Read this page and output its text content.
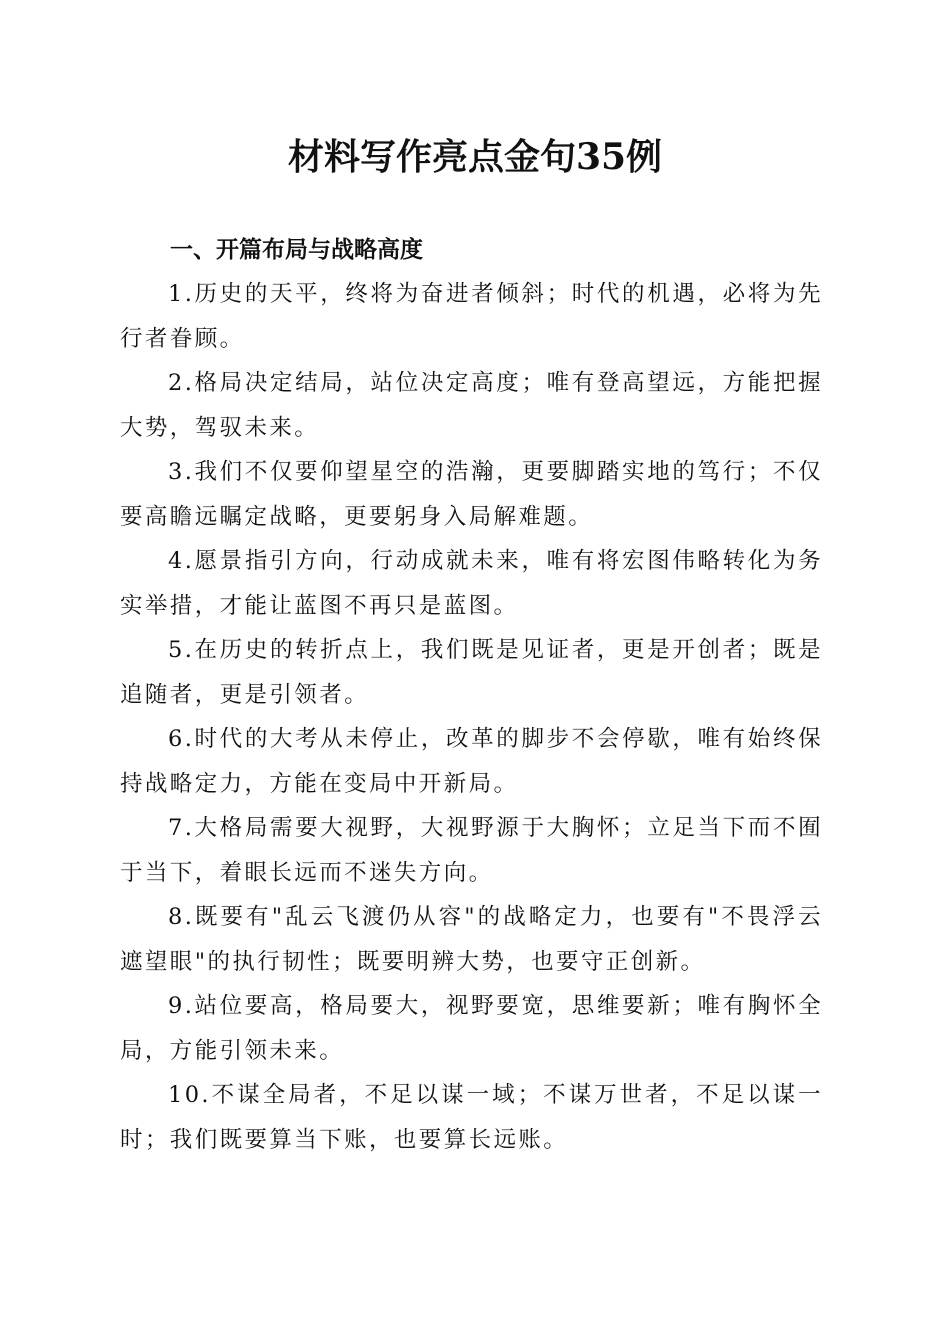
材料写作亮点金句35例
一、开篇布局与战略高度
1.历史的天平，终将为奋进者倾斜；时代的机遇，必将为先行者眷顾。
2.格局决定结局，站位决定高度；唯有登高望远，方能把握大势，驾驭未来。
3.我们不仅要仰望星空的浩瀚，更要脚踏实地的笃行；不仅要高瞻远瞩定战略，更要躬身入局解难题。
4.愿景指引方向，行动成就未来，唯有将宏图伟略转化为务实举措，才能让蓝图不再只是蓝图。
5.在历史的转折点上，我们既是见证者，更是开创者；既是追随者，更是引领者。
6.时代的大考从未停止，改革的脚步不会停歇，唯有始终保持战略定力，方能在变局中开新局。
7.大格局需要大视野，大视野源于大胸怀；立足当下而不囿于当下，着眼长远而不迷失方向。
8.既要有"乱云飞渡仍从容"的战略定力，也要有"不畏浮云遮望眼"的执行韧性；既要明辨大势，也要守正创新。
9.站位要高，格局要大，视野要宽，思维要新；唯有胸怀全局，方能引领未来。
10.不谋全局者，不足以谋一域；不谋万世者，不足以谋一时；我们既要算当下账，也要算长远账。
